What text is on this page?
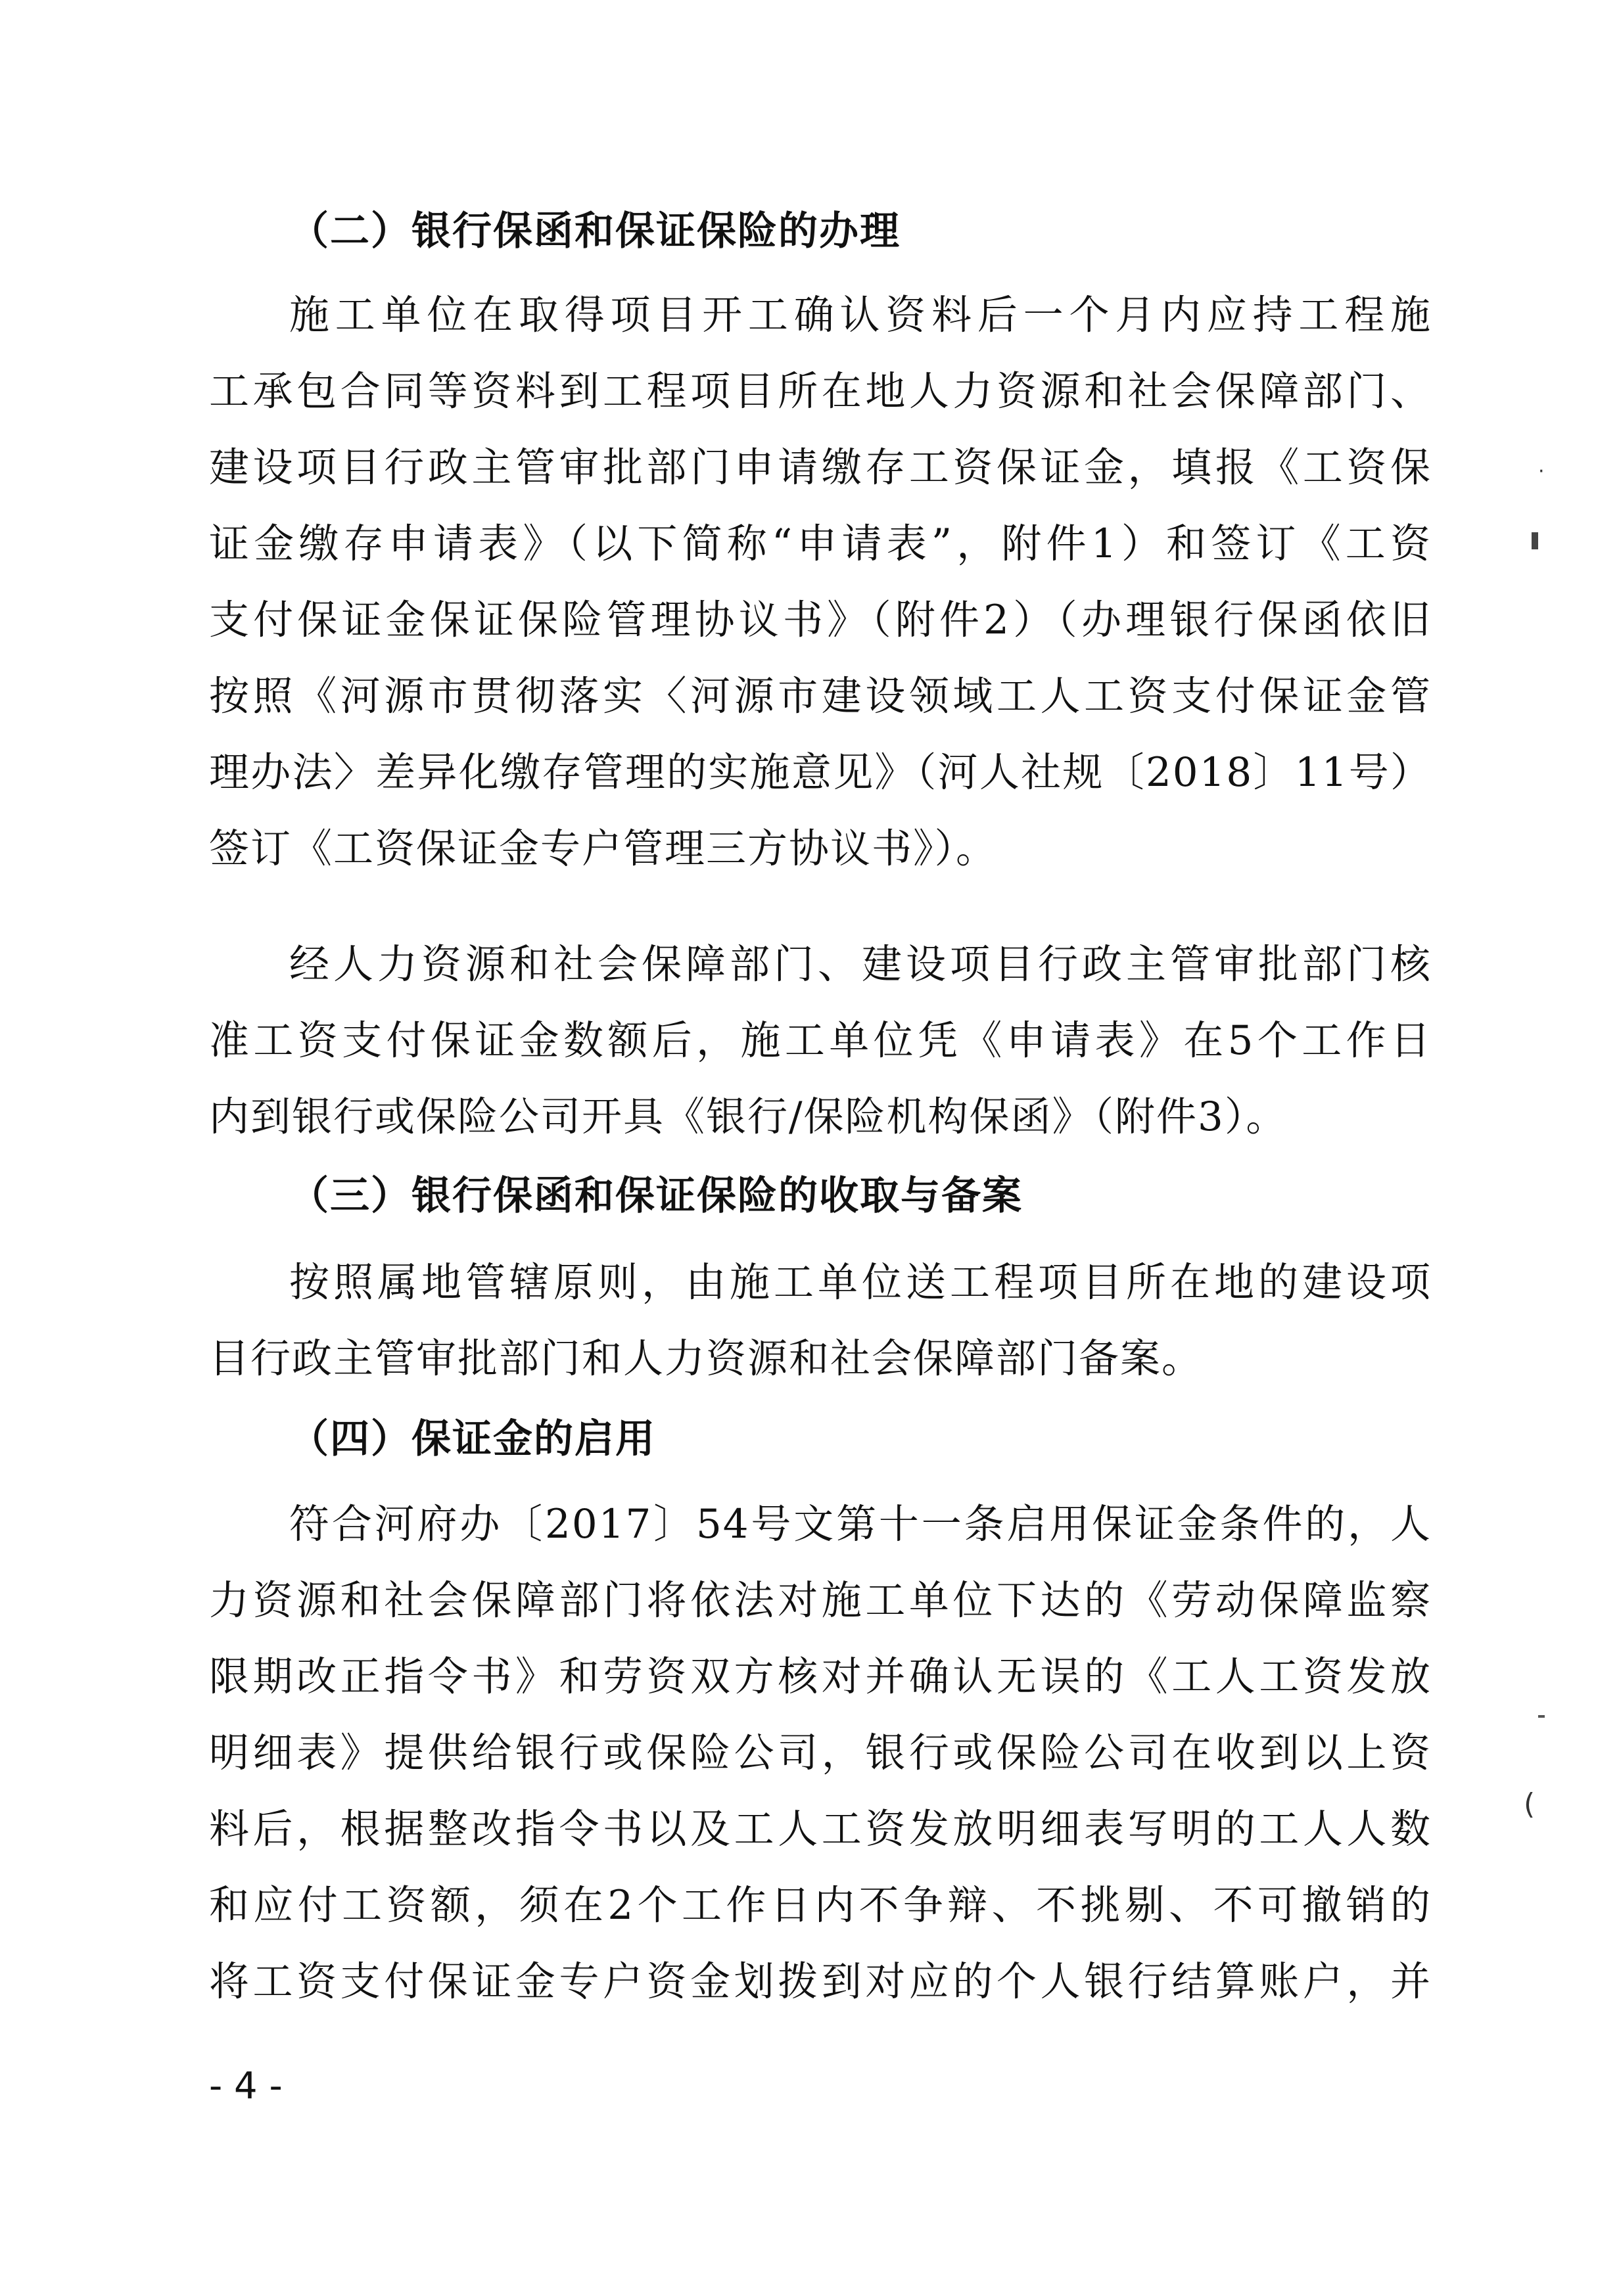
（二）银行保函和保证保险的办理
施工单位在取得项目开工确认资料后一个月内应持工程施
工承包合同等资料到工程项目所在地人力资源和社会保障部门、
建设项目行政主管审批部门申请缴存工资保证金，填报《工资保
证金缴存申请表》（以下简称“申请表”，附件1）和签订《工资
支付保证金保证保险管理协议书》（附件2）（办理银行保函依旧
按照《河源市贯彻落实〈河源市建设领域工人工资支付保证金管
理办法〉差异化缴存管理的实施意见》（河人社规〔2018〕11号）
签订《工资保证金专户管理三方协议书》）。
经人力资源和社会保障部门、建设项目行政主管审批部门核
准工资支付保证金数额后，施工单位凭《申请表》在5个工作日
内到银行或保险公司开具《银行/保险机构保函》（附件3）。
（三）银行保函和保证保险的收取与备案
按照属地管辖原则，由施工单位送工程项目所在地的建设项
目行政主管审批部门和人力资源和社会保障部门备案。
（四）保证金的启用
符合河府办〔2017〕54号文第十一条启用保证金条件的，人
力资源和社会保障部门将依法对施工单位下达的《劳动保障监察
限期改正指令书》和劳资双方核对并确认无误的《工人工资发放
明细表》提供给银行或保险公司，银行或保险公司在收到以上资
料后，根据整改指令书以及工人工资发放明细表写明的工人人数
和应付工资额，须在2个工作日内不争辩、不挑剔、不可撤销的
将工资支付保证金专户资金划拨到对应的个人银行结算账户，并
- 4 -
·
(
